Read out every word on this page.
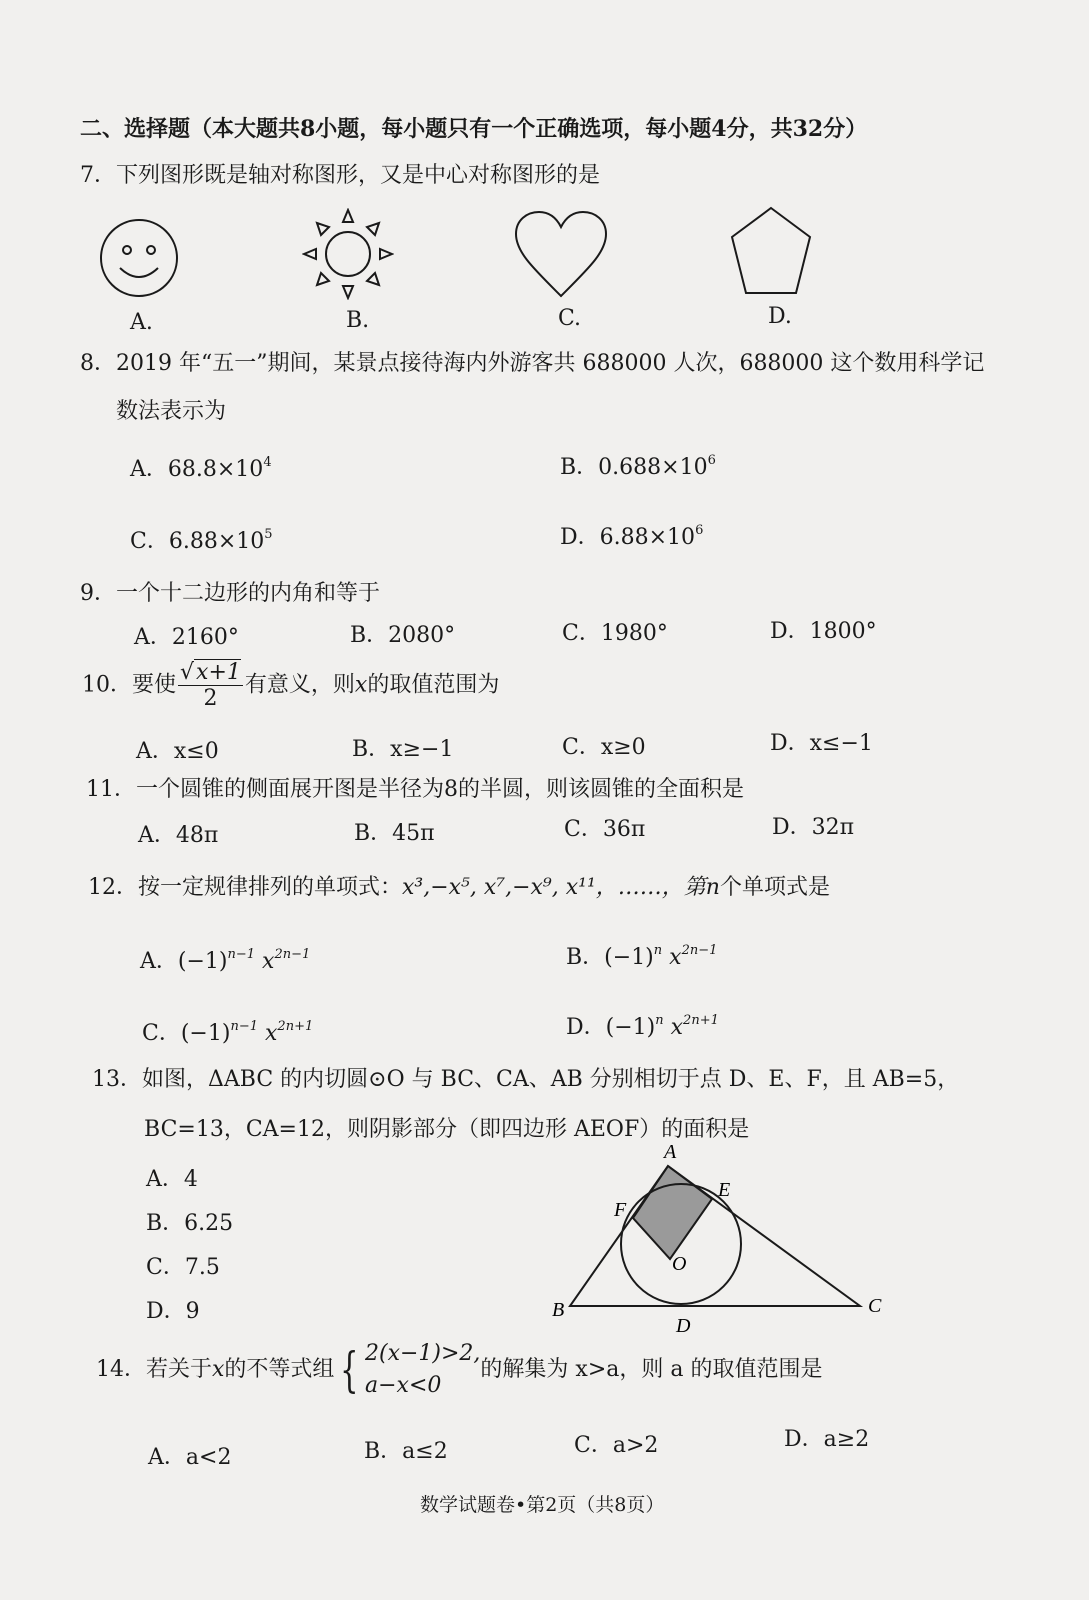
二、选择题（本大题共8小题，每小题只有一个正确选项，每小题4分，共32分）
7．下列图形既是轴对称图形，又是中心对称图形的是
A.	B.	C.	D.
8．2019 年“五一”期间，某景点接待海内外游客共 688000 人次，688000 这个数用科学记
数法表示为
A．$68.8\times 10^4$	B．$0.688\times 10^6$
C．$6.88\times 10^5$	D．$6.88\times 10^6$
9．一个十二边形的内角和等于
A．2160°	B．2080°	C．1980°	D．1800°
10．要使 $\frac{√x+1}{2}$ 有意义，则x的取值范围为
A．x≤0	B．x≥−1	C．x≥0	D．x≤−1
11．一个圆锥的侧面展开图是半径为8的半圆，则该圆锥的全面积是
A．48π	B．45π	C．36π	D．32π
12．按一定规律排列的单项式：x³,−x⁵, x⁷,−x⁹, x¹¹，……，第n个单项式是
A．$(-1)^{n-1}$ $x^{2n-1}$	B．$(-1)^n$ $x^{2n-1}$
C．$(-1)^{n-1}$ $x^{2n+1}$	D．$(-1)^n$ $x^{2n+1}$
13．如图，ΔABC 的内切圆⊙O 与 BC、CA、AB 分别相切于点 D、E、F，且 AB=5，
BC=13，CA=12，则阴影部分（即四边形 AEOF）的面积是
A．4
B．6.25
C．7.5
D．9
A
B	C
D
E
F
O
14．若关于x的不等式组 { 2(x−1)>2,
a−x<0的解集为 x>a，则 a 的取值范围是
A．a<2	B．a≤2	C．a>2	D．a≥2
数学试题卷•第2页（共8页）
